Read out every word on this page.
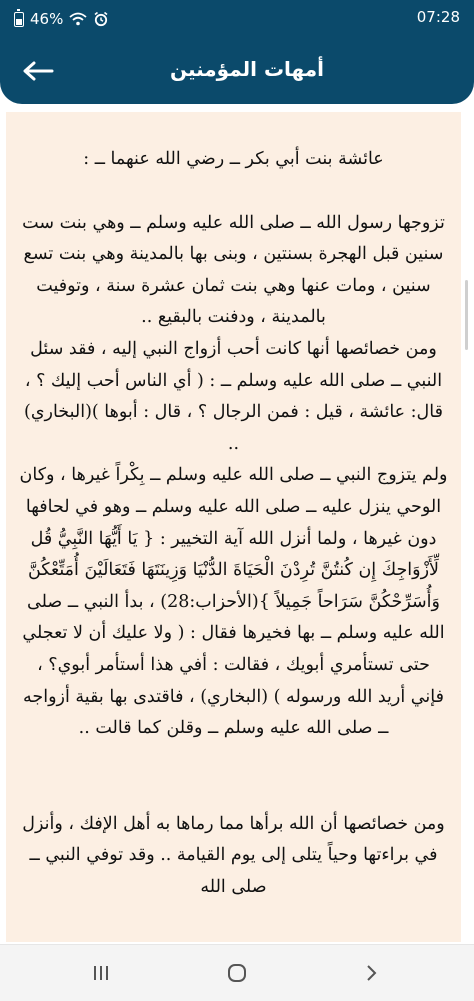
46%	07:28
أمهات المؤمنين

عائشة بنت أبي بكر ــ رضي الله عنهما ــ :

تزوجها رسول الله ــ صلى الله عليه وسلم ــ وهي بنت ست سنين قبل الهجرة بسنتين ، وبنى بها بالمدينة وهي بنت تسع سنين ، ومات عنها وهي بنت ثمان عشرة سنة ، وتوفيت بالمدينة ، ودفنت بالبقيع ..

ومن خصائصها أنها كانت أحب أزواج النبي إليه ، فقد سئل النبي ــ صلى الله عليه وسلم ــ : ( أي الناس أحب إليك ؟ ، قال: عائشة ، قيل : فمن الرجال ؟ ، قال : أبوها )(البخاري) ..

ولم يتزوج النبي ــ صلى الله عليه وسلم ــ بِكْراً غيرها ، وكان الوحي ينزل عليه ــ صلى الله عليه وسلم ــ وهو في لحافها دون غيرها ، ولما أنزل الله آية التخيير : { يَا أَيُّهَا النَّبِيُّ قُل لِّأَزْوَاجِكَ إِن كُنتُنَّ تُرِدْنَ الْحَيَاةَ الدُّنْيَا وَزِينَتَهَا فَتَعَالَيْنَ أُمَتِّعْكُنَّ وَأُسَرِّحْكُنَّ سَرَاحاً جَمِيلاً }(الأحزاب:28) ، بدأ النبي ــ صلى الله عليه وسلم ــ بها فخيرها فقال : ( ولا عليك أن لا تعجلي حتى تستأمري أبويك ، فقالت : أفي هذا أستأمر أبوي؟ ، فإني أريد الله ورسوله ) (البخاري) ، فاقتدى بها بقية أزواجه ــ صلى الله عليه وسلم ــ وقلن كما قالت ..

ومن خصائصها أن الله برأها مما رماها به أهل الإفك ، وأنزل في براءتها وحياً يتلى إلى يوم القيامة .. وقد توفي النبي ــ صلى الله
